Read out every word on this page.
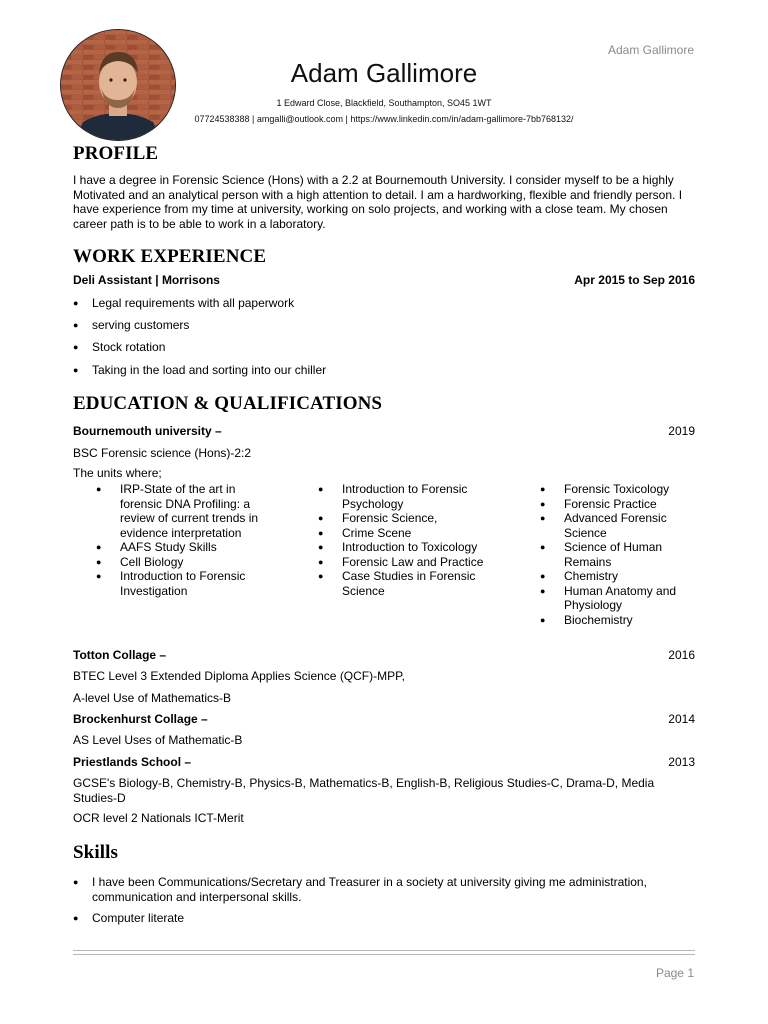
Adam Gallimore
Adam Gallimore
1 Edward Close, Blackfield, Southampton, SO45 1WT
07724538388 | amgalli@outlook.com | https://www.linkedin.com/in/adam-gallimore-7bb768132/
PROFILE
I have a degree in Forensic Science (Hons) with a 2.2 at Bournemouth University. I consider myself to be a highly Motivated and an analytical person with a high attention to detail. I am a hardworking, flexible and friendly person. I have experience from my time at university, working on solo projects, and working with a close team. My chosen career path is to be able to work in a laboratory.
WORK EXPERIENCE
Deli Assistant | Morrisons	Apr 2015 to Sep 2016
●	Legal requirements with all paperwork
●	serving customers
●	Stock rotation
●	Taking in the load and sorting into our chiller
EDUCATION & QUALIFICATIONS
Bournemouth university –	2019
BSC Forensic science (Hons)-2:2
The units where;
●	IRP-State of the art in forensic DNA Profiling: a review of current trends in evidence interpretation
●	AAFS Study Skills
●	Cell Biology
●	Introduction to Forensic Investigation
●	Introduction to Forensic Psychology
●	Forensic Science,
●	Crime Scene
●	Introduction to Toxicology
●	Forensic Law and Practice
●	Case Studies in Forensic Science
●	Forensic Toxicology
●	Forensic Practice
●	Advanced Forensic Science
●	Science of Human Remains
●	Chemistry
●	Human Anatomy and Physiology
●	Biochemistry
Totton Collage –	2016
BTEC Level 3 Extended Diploma Applies Science (QCF)-MPP,
A-level Use of Mathematics-B
Brockenhurst Collage –	2014
AS Level Uses of Mathematic-B
Priestlands School –	2013
GCSE's Biology-B, Chemistry-B, Physics-B, Mathematics-B, English-B, Religious Studies-C, Drama-D, Media Studies-D
OCR level 2 Nationals ICT-Merit
Skills
●	I have been Communications/Secretary and Treasurer in a society at university giving me administration, communication and interpersonal skills.
●	Computer literate
Page 1
